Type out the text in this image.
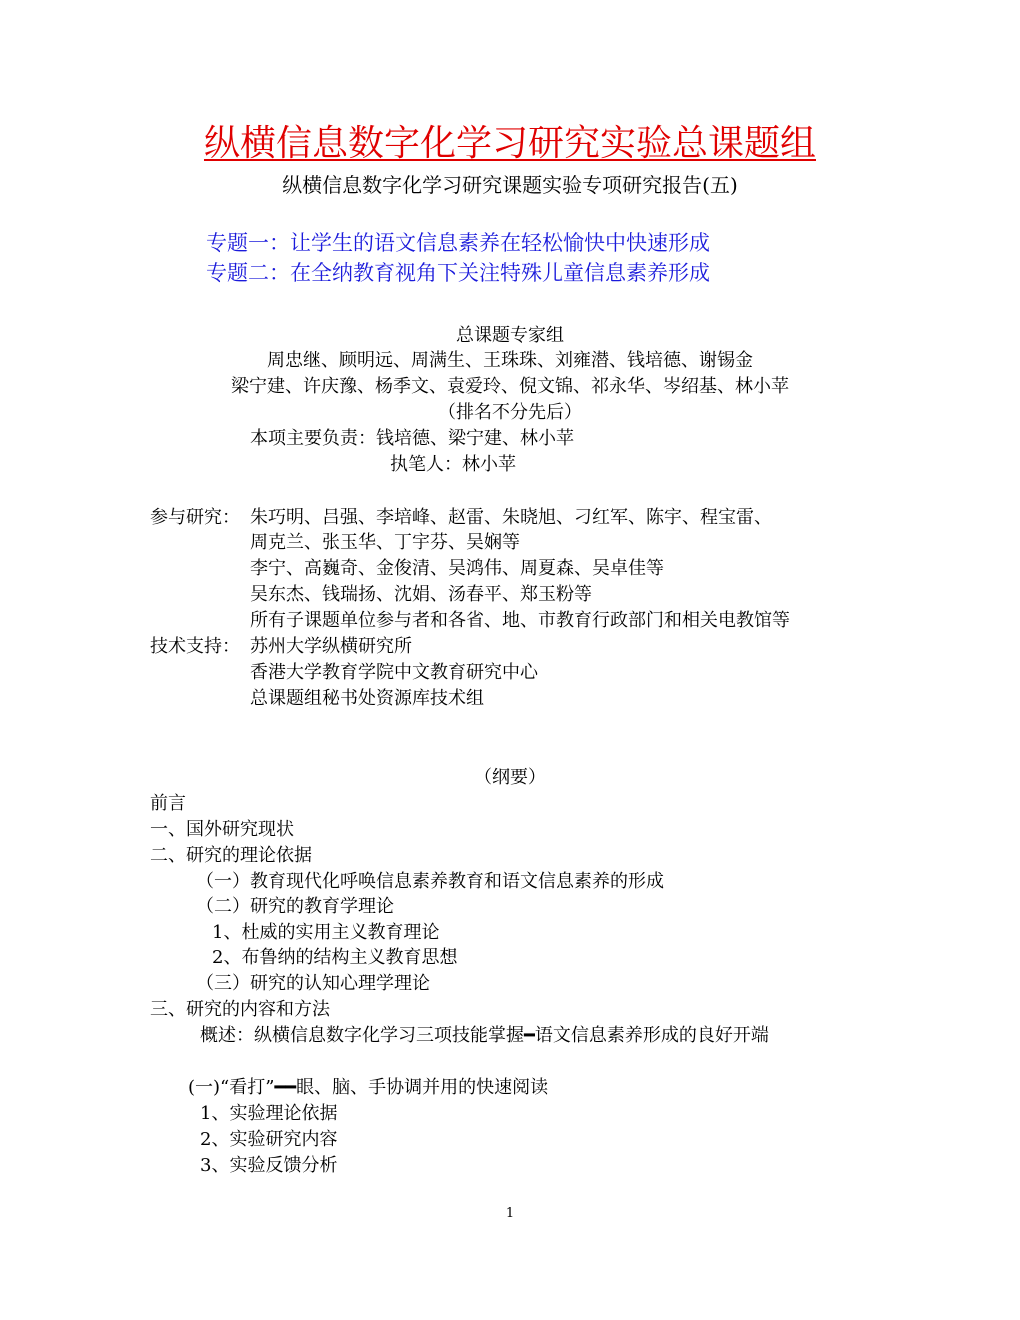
纵横信息数字化学习研究实验总课题组
纵横信息数字化学习研究课题实验专项研究报告(五)
专题一：让学生的语文信息素养在轻松愉快中快速形成
专题二：在全纳教育视角下关注特殊儿童信息素养形成
总课题专家组
周忠继、顾明远、周满生、王珠珠、刘雍潜、钱培德、谢锡金
梁宁建、许庆豫、杨季文、袁爱玲、倪文锦、祁永华、岑绍基、林小苹
（排名不分先后）
本项主要负责：钱培德、梁宁建、林小苹
执笔人：林小苹
参与研究： 朱巧明、吕强、李培峰、赵雷、朱晓旭、刁红军、陈宇、程宝雷、
周克兰、张玉华、丁宇芬、吴娴等
李宁、高巍奇、金俊清、吴鸿伟、周夏森、吴卓佳等
吴东杰、钱瑞扬、沈娟、汤春平、郑玉粉等
所有子课题单位参与者和各省、地、市教育行政部门和相关电教馆等
技术支持： 苏州大学纵横研究所
香港大学教育学院中文教育研究中心
总课题组秘书处资源库技术组
（纲要）
前言
一、国外研究现状
二、研究的理论依据
（一）教育现代化呼唤信息素养教育和语文信息素养的形成
（二）研究的教育学理论
1、杜威的实用主义教育理论
2、布鲁纳的结构主义教育思想
（三）研究的认知心理学理论
三、研究的内容和方法
概述：纵横信息数字化学习三项技能掌握━语文信息素养形成的良好开端
(一)“看打”━━眼、脑、手协调并用的快速阅读
1、实验理论依据
2、实验研究内容
3、实验反馈分析
1
